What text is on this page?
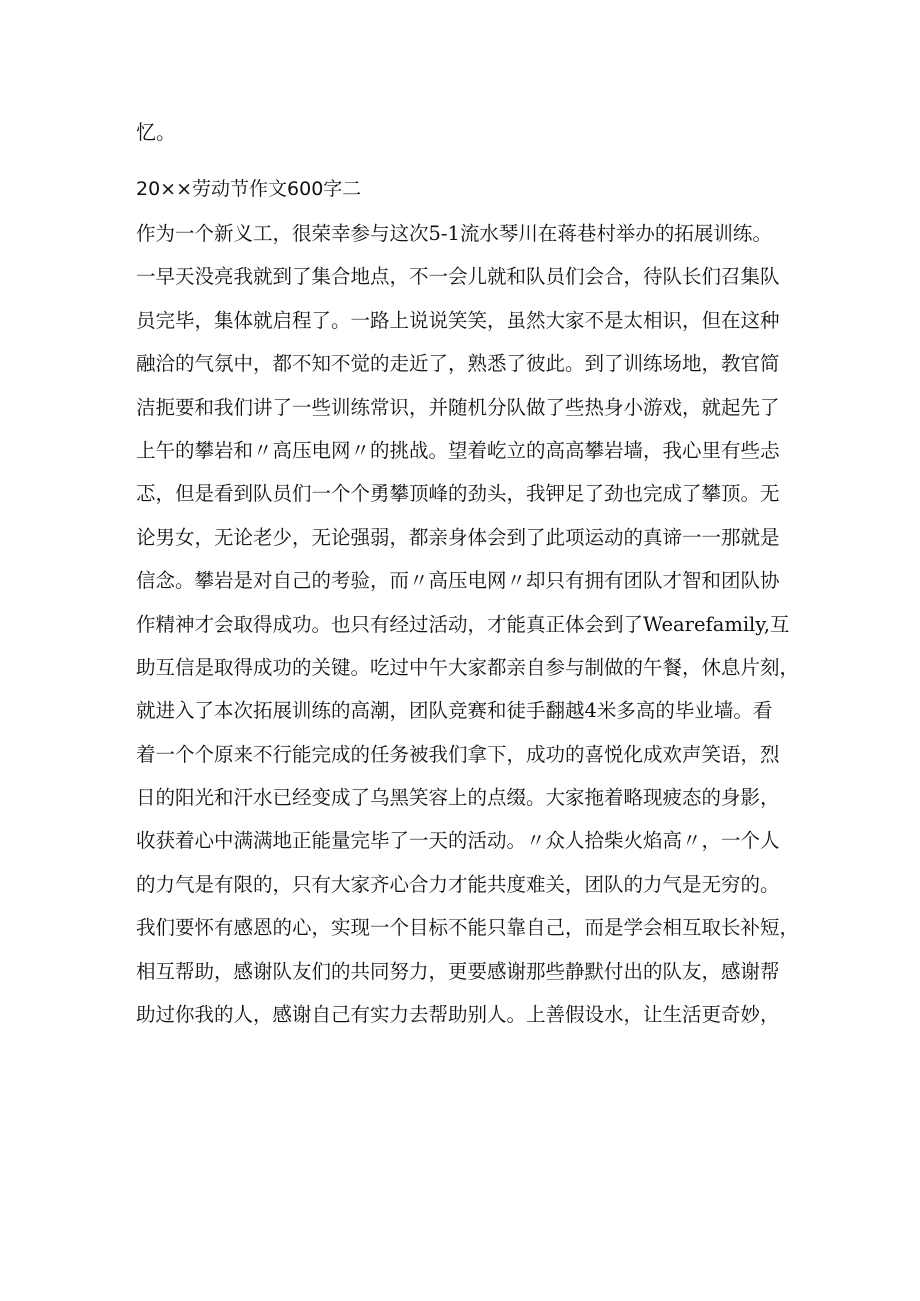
忆。

20××劳动节作文600字二
作为一个新义工，很荣幸参与这次5-1流水琴川在蒋巷村举办的拓展训练。
一早天没亮我就到了集合地点，不一会儿就和队员们会合，待队长们召集队
员完毕，集体就启程了。一路上说说笑笑，虽然大家不是太相识，但在这种
融洽的气氛中，都不知不觉的走近了，熟悉了彼此。到了训练场地，教官简
洁扼要和我们讲了一些训练常识，并随机分队做了些热身小游戏，就起先了
上午的攀岩和〃高压电网〃的挑战。望着屹立的高高攀岩墙，我心里有些忐
忑，但是看到队员们一个个勇攀顶峰的劲头，我钾足了劲也完成了攀顶。无
论男女，无论老少，无论强弱，都亲身体会到了此项运动的真谛一一那就是
信念。攀岩是对自己的考验，而〃高压电网〃却只有拥有团队才智和团队协
作精神才会取得成功。也只有经过活动，才能真正体会到了Wearefamily,互
助互信是取得成功的关键。吃过中午大家都亲自参与制做的午餐，休息片刻，
就进入了本次拓展训练的高潮，团队竞赛和徒手翻越4米多高的毕业墙。看
着一个个原来不行能完成的任务被我们拿下，成功的喜悦化成欢声笑语，烈
日的阳光和汗水已经变成了乌黑笑容上的点缀。大家拖着略现疲态的身影，
收获着心中满满地正能量完毕了一天的活动。〃众人拾柴火焰高〃，一个人
的力气是有限的，只有大家齐心合力才能共度难关，团队的力气是无穷的。
我们要怀有感恩的心，实现一个目标不能只靠自己，而是学会相互取长补短，
相互帮助，感谢队友们的共同努力，更要感谢那些静默付出的队友，感谢帮
助过你我的人，感谢自己有实力去帮助别人。上善假设水，让生活更奇妙，
